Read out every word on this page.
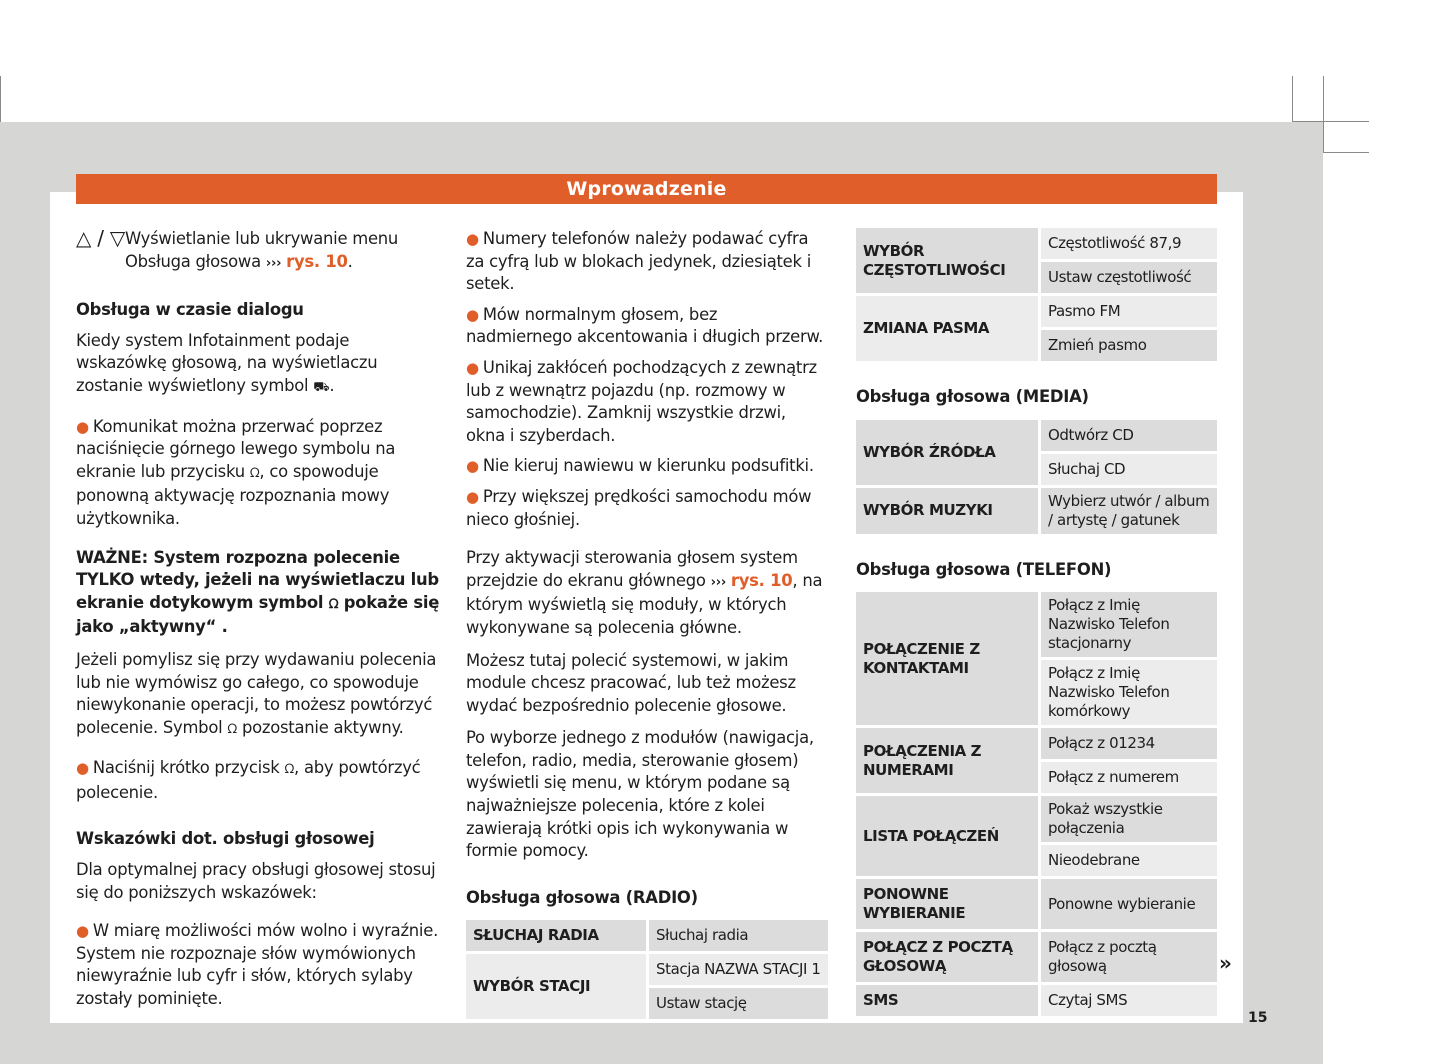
Wprowadzenie
△ / ▽ Wyświetlanie lub ukrywanie menu Obsługa głosowa ››› rys. 10.

Obsługa w czasie dialogu

Kiedy system Infotainment podaje wskazówkę głosową, na wyświetlaczu zostanie wyświetlony symbol ⛟.

● Komunikat można przerwać poprzez naciśnięcie górnego lewego symbolu na ekranie lub przycisku ᘯ, co spowoduje ponowną aktywację rozpoznania mowy użytkownika.

WAŻNE: System rozpozna polecenie TYLKO wtedy, jeżeli na wyświetlaczu lub ekranie dotykowym symbol ᘯ pokaże się jako „aktywny“ .

Jeżeli pomylisz się przy wydawaniu polecenia lub nie wymówisz go całego, co spowoduje niewykonanie operacji, to możesz powtórzyć polecenie. Symbol ᘯ pozostanie aktywny.

● Naciśnij krótko przycisk ᘯ, aby powtórzyć polecenie.

Wskazówki dot. obsługi głosowej

Dla optymalnej pracy obsługi głosowej stosuj się do poniższych wskazówek:

● W miarę możliwości mów wolno i wyraźnie. System nie rozpoznaje słów wymówionych niewyraźnie lub cyfr i słów, których sylaby zostały pominięte.

● Numery telefonów należy podawać cyfra za cyfrą lub w blokach jedynek, dziesiątek i setek.

● Mów normalnym głosem, bez nadmiernego akcentowania i długich przerw.

● Unikaj zakłóceń pochodzących z zewnątrz lub z wewnątrz pojazdu (np. rozmowy w samochodzie). Zamknij wszystkie drzwi, okna i szyberdach.

● Nie kieruj nawiewu w kierunku podsufitki.

● Przy większej prędkości samochodu mów nieco głośniej.

Przy aktywacji sterowania głosem system przejdzie do ekranu głównego ››› rys. 10, na którym wyświetlą się moduły, w których wykonywane są polecenia główne.

Możesz tutaj polecić systemowi, w jakim module chcesz pracować, lub też możesz wydać bezpośrednio polecenie głosowe.

Po wyborze jednego z modułów (nawigacja, telefon, radio, media, sterowanie głosem) wyświetli się menu, w którym podane są najważniejsze polecenia, które z kolei zawierają krótki opis ich wykonywania w formie pomocy.

Obsługa głosowa (RADIO)

SŁUCHAJ RADIA	Słuchaj radia
WYBÓR STACJI	Stacja NAZWA STACJI 1
	Ustaw stację
WYBÓR CZĘSTOTLIWOŚCI	Częstotliwość 87,9
	Ustaw częstotliwość
ZMIANA PASMA	Pasmo FM
	Zmień pasmo

Obsługa głosowa (MEDIA)

WYBÓR ŹRÓDŁA	Odtwórz CD
	Słuchaj CD
WYBÓR MUZYKI	Wybierz utwór / album / artystę / gatunek

Obsługa głosowa (TELEFON)

POŁĄCZENIE Z KONTAKTAMI	Połącz z Imię Nazwisko Telefon stacjonarny
	Połącz z Imię Nazwisko Telefon komórkowy
POŁĄCZENIA Z NUMERAMI	Połącz z 01234
	Połącz z numerem
LISTA POŁĄCZEŃ	Pokaż wszystkie połączenia
	Nieodebrane
PONOWNE WYBIERANIE	Ponowne wybieranie
POŁĄCZ Z POCZTĄ GŁOSOWĄ	Połącz z pocztą głosową
SMS	Czytaj SMS
»
15
